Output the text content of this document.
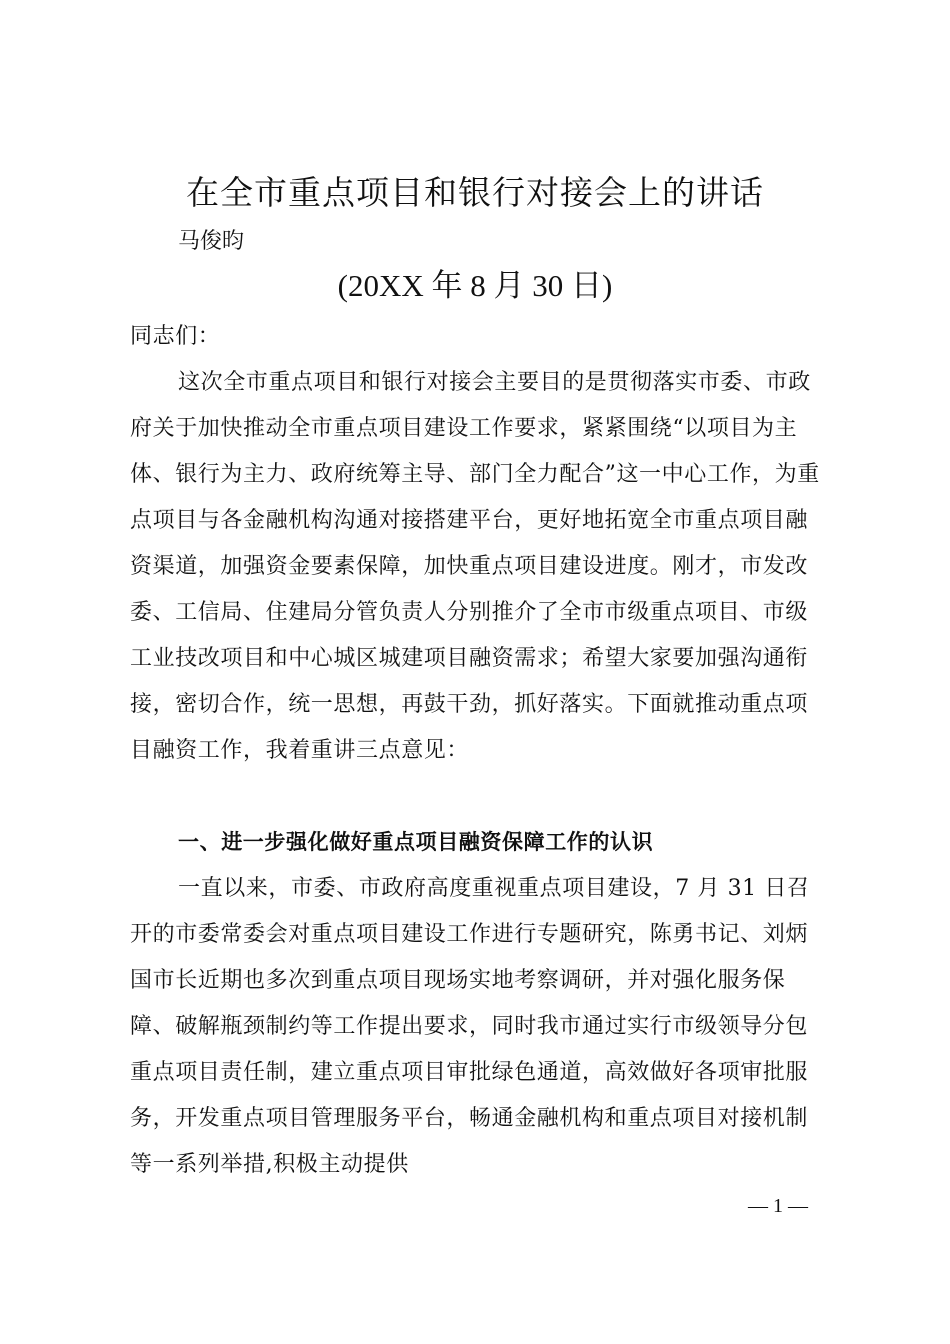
在全市重点项目和银行对接会上的讲话
马俊昀
(20XX 年 8 月 30 日)
同志们：
这次全市重点项目和银行对接会主要目的是贯彻落实市委、市政府关于加快推动全市重点项目建设工作要求，紧紧围绕“以项目为主体、银行为主力、政府统筹主导、部门全力配合”这一中心工作，为重点项目与各金融机构沟通对接搭建平台，更好地拓宽全市重点项目融资渠道，加强资金要素保障，加快重点项目建设进度。刚才，市发改委、工信局、住建局分管负责人分别推介了全市市级重点项目、市级工业技改项目和中心城区城建项目融资需求；希望大家要加强沟通衔接，密切合作，统一思想，再鼓干劲，抓好落实。下面就推动重点项目融资工作，我着重讲三点意见：
一、进一步强化做好重点项目融资保障工作的认识
一直以来，市委、市政府高度重视重点项目建设，7 月 31 日召开的市委常委会对重点项目建设工作进行专题研究，陈勇书记、刘炳国市长近期也多次到重点项目现场实地考察调研，并对强化服务保障、破解瓶颈制约等工作提出要求，同时我市通过实行市级领导分包重点项目责任制，建立重点项目审批绿色通道，高效做好各项审批服务，开发重点项目管理服务平台，畅通金融机构和重点项目对接机制等一系列举措,积极主动提供
— 1 —
